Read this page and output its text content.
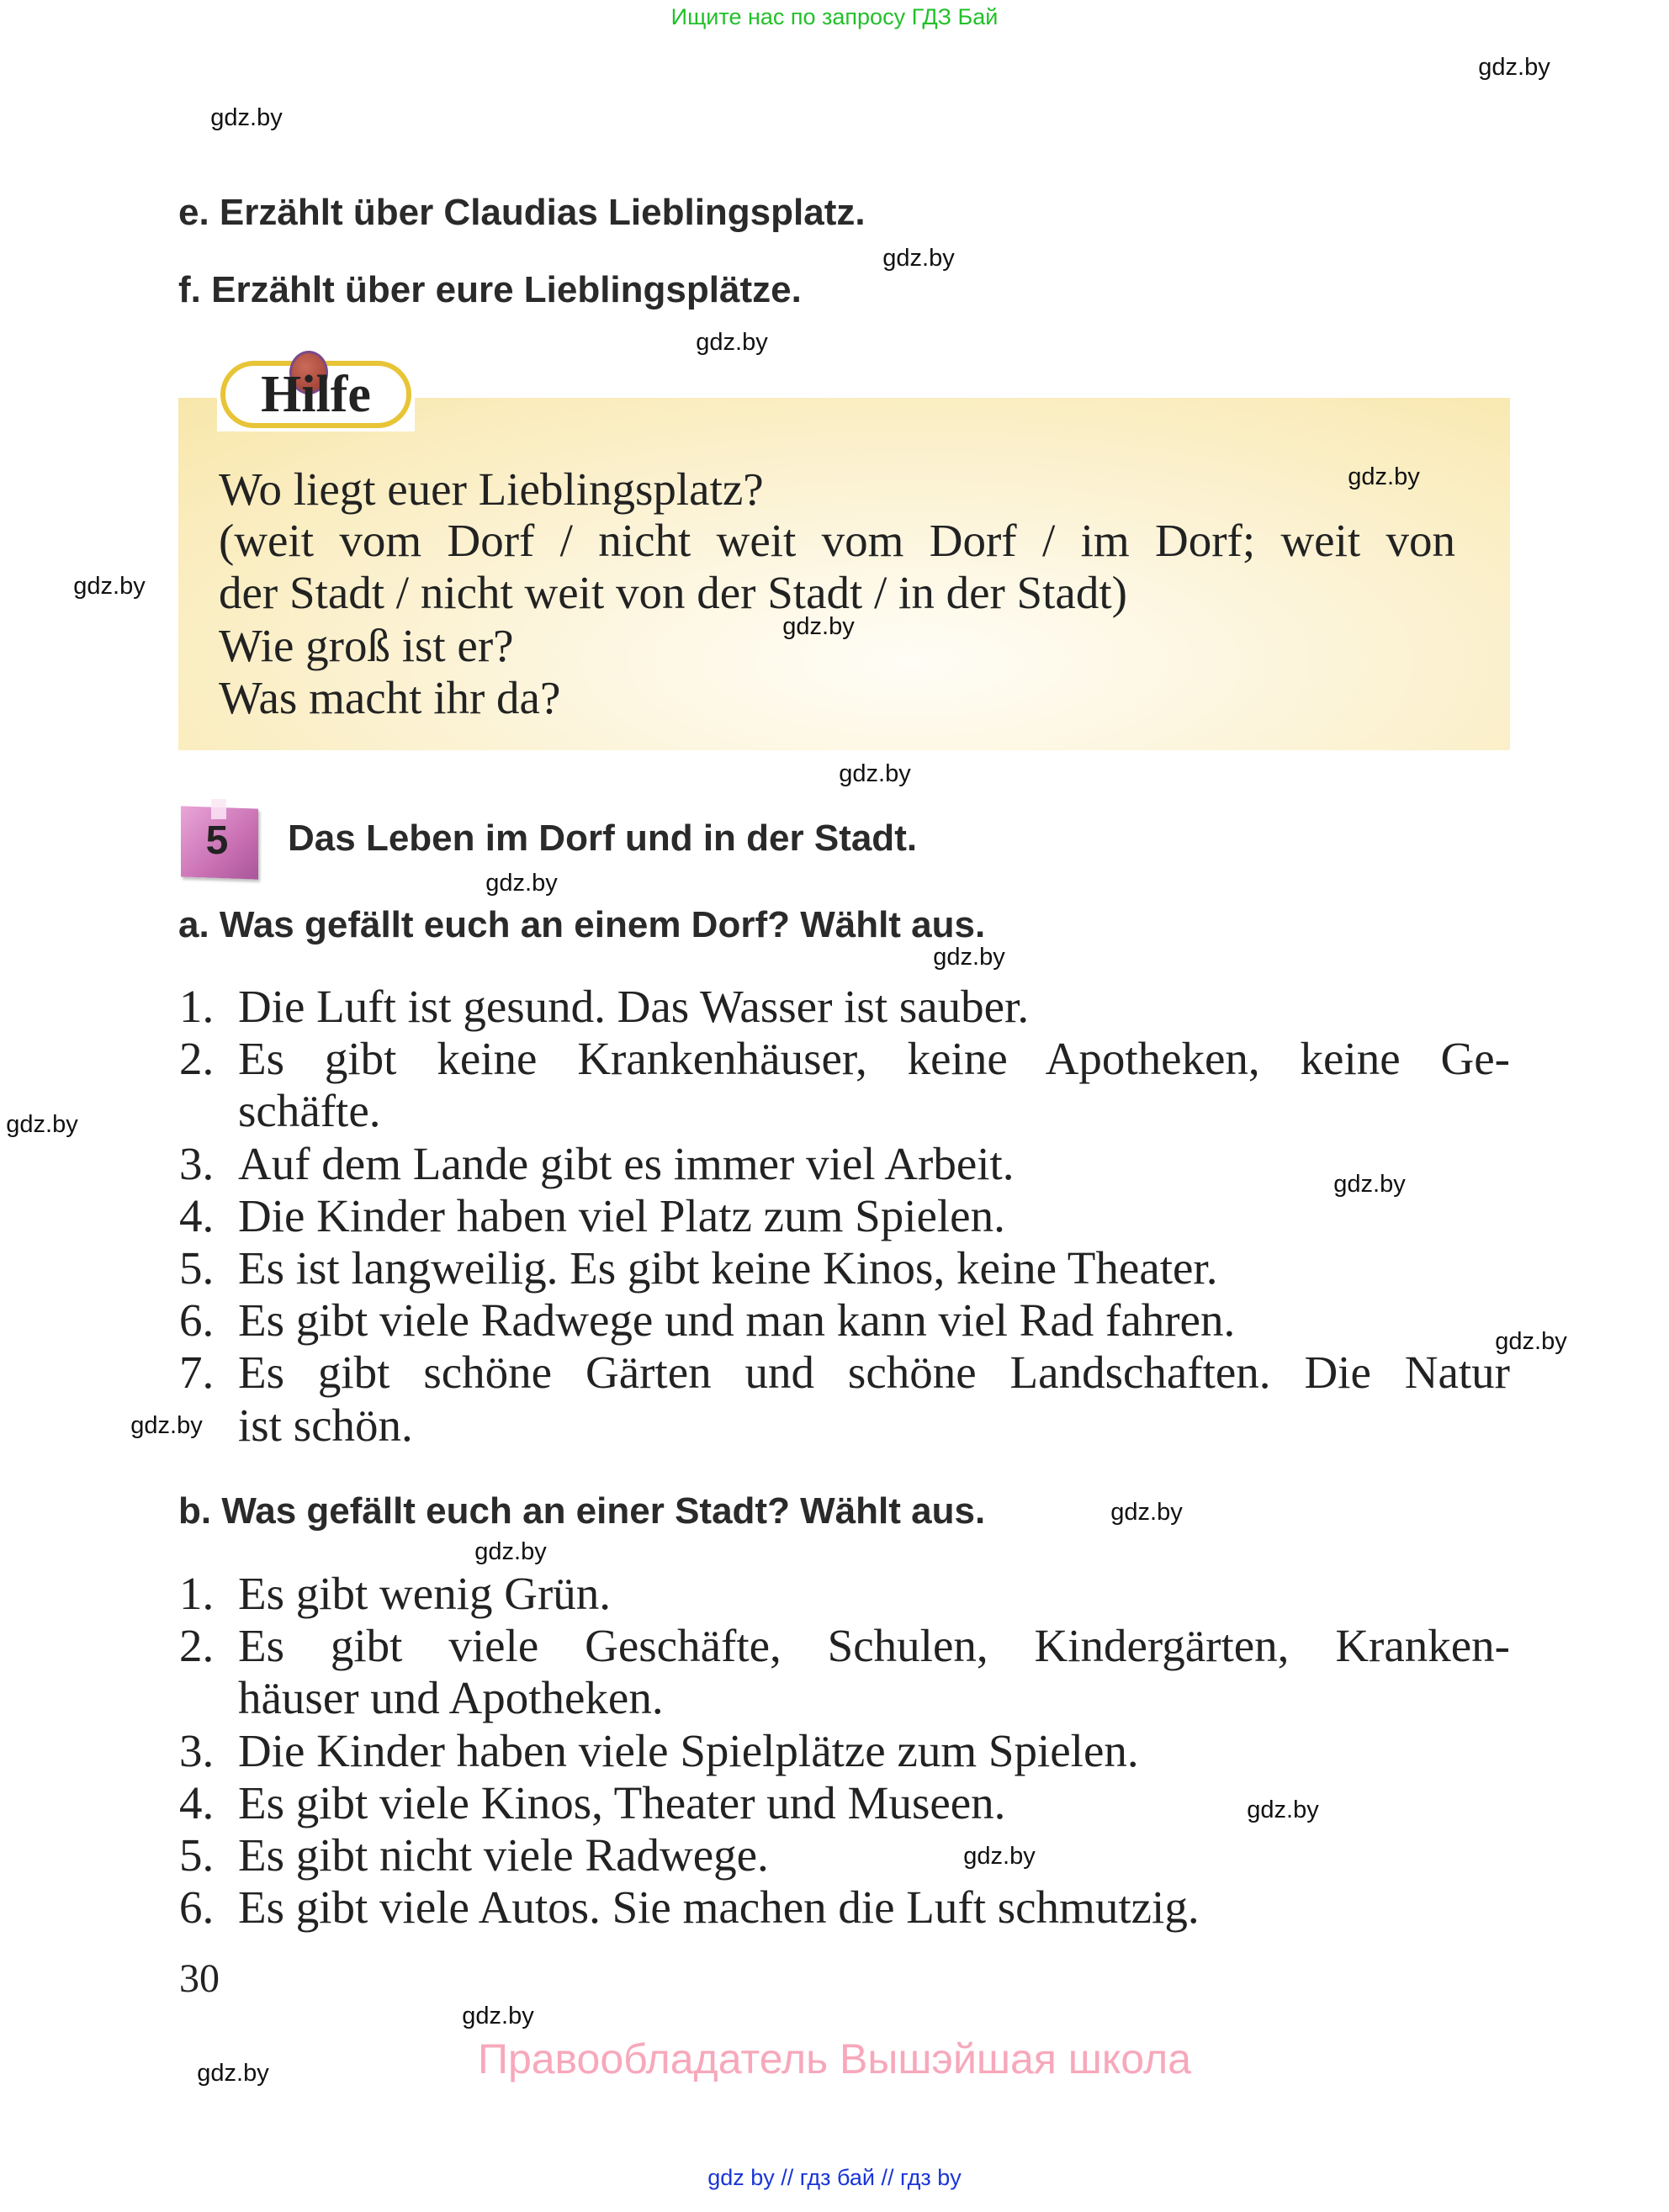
Ищите нас по запросу ГДЗ Бай
e. Erzählt über Claudias Lieblingsplatz.
f. Erzählt über eure Lieblingsplätze.
Hilfe
Wo liegt euer Lieblingsplatz?
(weit vom Dorf / nicht weit vom Dorf / im Dorf; weit von
der Stadt / nicht weit von der Stadt / in der Stadt)
Wie groß ist er?
Was macht ihr da?
5	Das Leben im Dorf und in der Stadt.
a. Was gefällt euch an einem Dorf? Wählt aus.
1. Die Luft ist gesund. Das Wasser ist sauber.
2. Es gibt keine Krankenhäuser, keine Apotheken, keine Ge-
schäfte.
3. Auf dem Lande gibt es immer viel Arbeit.
4. Die Kinder haben viel Platz zum Spielen.
5. Es ist langweilig. Es gibt keine Kinos, keine Theater.
6. Es gibt viele Radwege und man kann viel Rad fahren.
7. Es gibt schöne Gärten und schöne Landschaften. Die Natur
ist schön.
b. Was gefällt euch an einer Stadt? Wählt aus.
1. Es gibt wenig Grün.
2. Es gibt viele Geschäfte, Schulen, Kindergärten, Kranken-
häuser und Apotheken.
3. Die Kinder haben viele Spielplätze zum Spielen.
4. Es gibt viele Kinos, Theater und Museen.
5. Es gibt nicht viele Radwege.
6. Es gibt viele Autos. Sie machen die Luft schmutzig.
30
Правообладатель Вышэйшая школа
gdz by // гдз бай // гдз by
gdz.by
gdz.by
gdz.by
gdz.by
gdz.by
gdz.by
gdz.by
gdz.by
gdz.by
gdz.by
gdz.by
gdz.by
gdz.by
gdz.by
gdz.by
gdz.by
gdz.by
gdz.by
gdz.by
gdz.by
